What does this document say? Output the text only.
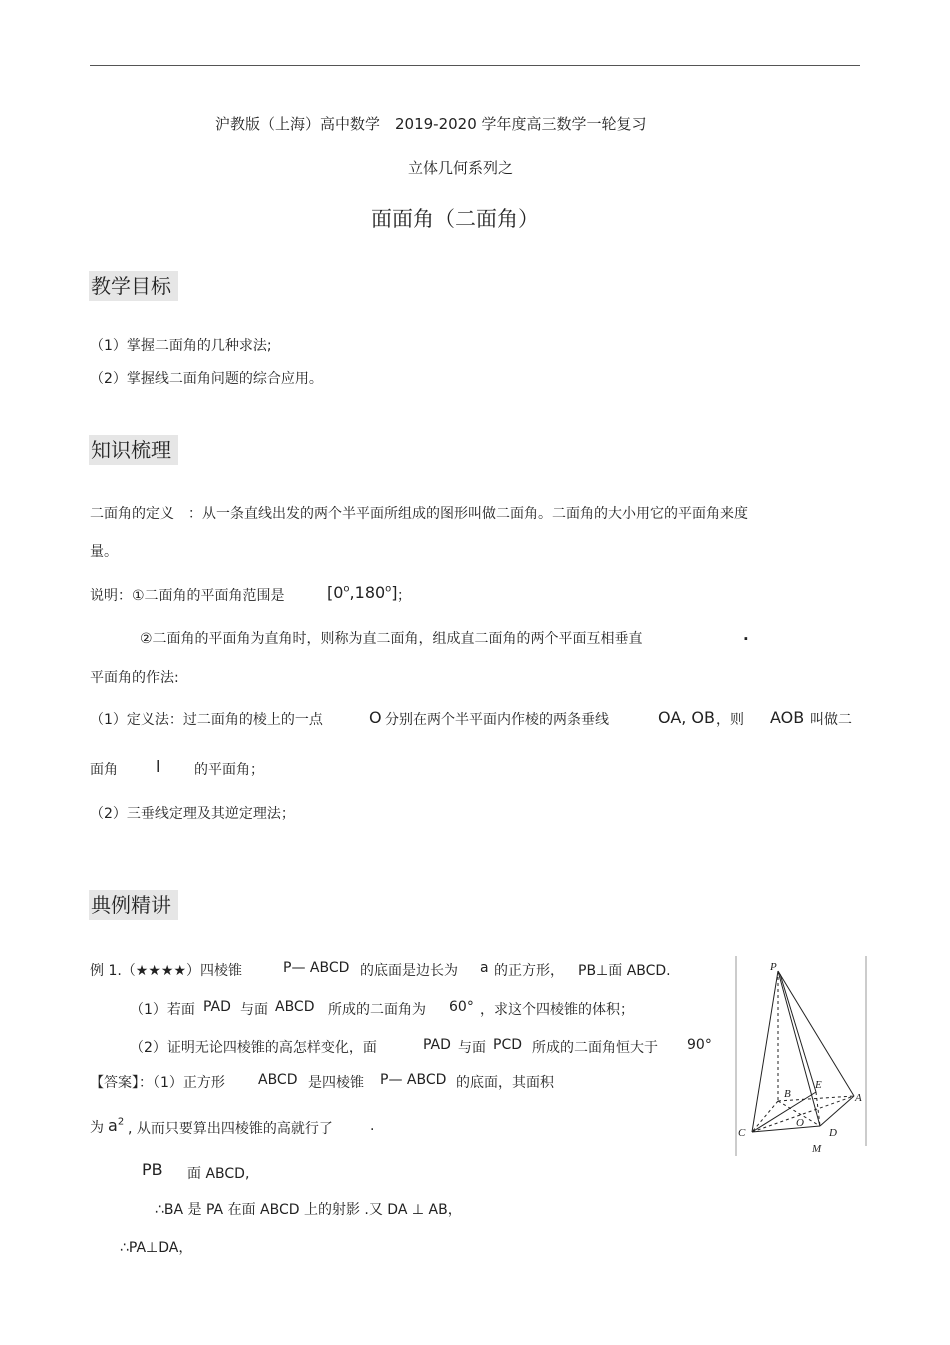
沪教版（上海）高中数学　2019-2020 学年度高三数学一轮复习
立体几何系列之
面面角（二面角）
教学目标
（1）掌握二面角的几种求法;
（2）掌握线二面角问题的综合应用。
知识梳理
二面角的定义　：从一条直线出发的两个半平面所组成的图形叫做二面角。二面角的大小用它的平面角来度
量。
说明：①二面角的平面角范围是	[0$^o$,180$^o$] ；
②二面角的平面角为直角时，则称为直二面角，组成直二面角的两个平面互相垂直	.
平面角的作法:
（1）定义法：过二面角的棱上的一点	O 分别在两个半平面内作棱的两条垂线	OA, OB ，则 AOB 叫做二
面角 l 的平面角；
（2）三垂线定理及其逆定理法；
典例精讲
例 1.（★★★★）四棱锥	P— ABCD 的底面是边长为 a 的正方形， PB⊥面 ABCD.
（1）若面 PAD 与面 ABCD 所成的二面角为 60° ，求这个四棱锥的体积；
（2）证明无论四棱锥的高怎样变化，面	PAD 与面 PCD 所成的二面角恒大于 90°
【答案】：（1）正方形 ABCD 是四棱锥 P— ABCD 的底面，其面积
为 $a^2$ , 从而只要算出四棱锥的高就行了	.
PB 面 ABCD,
∴BA 是 PA 在面 ABCD 上的射影 .又 DA ⊥ AB，
∴PA⊥DA，
P
B
E
A
O
C	D
M
